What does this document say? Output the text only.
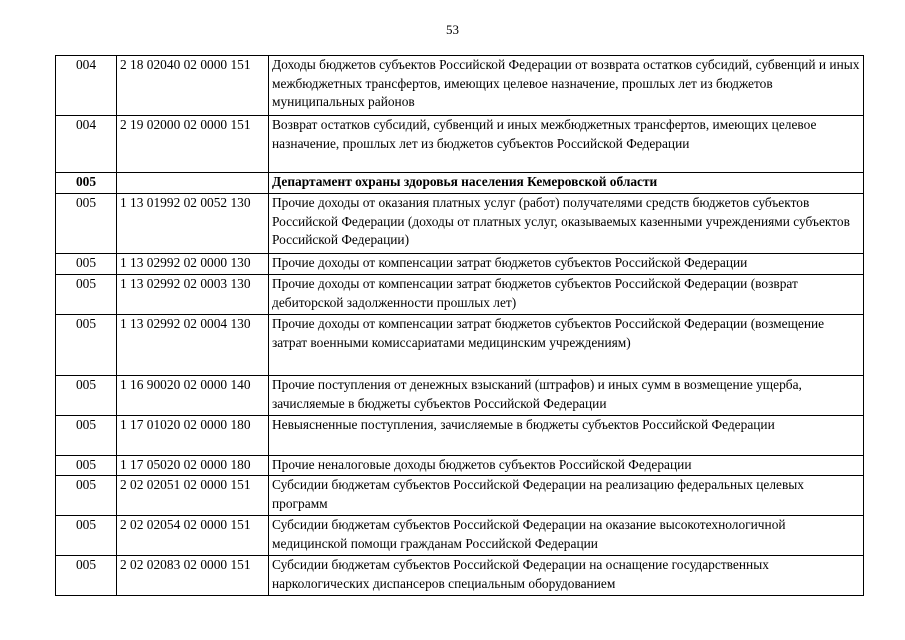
53
004	2 18 02040 02 0000 151	Доходы бюджетов субъектов Российской Федерации от возврата остатков субсидий, субвенций и иных межбюджетных трансфертов, имеющих целевое назначение, прошлых лет из бюджетов муниципальных районов
004	2 19 02000 02 0000 151	Возврат остатков субсидий, субвенций и иных межбюджетных трансфертов, имеющих целевое назначение, прошлых лет из бюджетов субъектов Российской Федерации
005		Департамент охраны здоровья населения Кемеровской области
005	1 13 01992 02 0052 130	Прочие доходы от оказания платных услуг (работ) получателями средств бюджетов субъектов Российской Федерации (доходы от платных услуг, оказываемых казенными учреждениями субъектов Российской Федерации)
005	1 13 02992 02 0000 130	Прочие доходы от компенсации затрат бюджетов субъектов Российской Федерации
005	1 13 02992 02 0003 130	Прочие доходы от компенсации затрат бюджетов субъектов Российской Федерации (возврат дебиторской задолженности прошлых лет)
005	1 13 02992 02 0004 130	Прочие доходы от компенсации затрат бюджетов субъектов Российской Федерации (возмещение затрат военными комиссариатами медицинским учреждениям)
005	1 16 90020 02 0000 140	Прочие поступления от денежных взысканий (штрафов) и иных сумм в возмещение ущерба, зачисляемые в бюджеты субъектов Российской Федерации
005	1 17 01020 02 0000 180	Невыясненные поступления, зачисляемые в бюджеты субъектов Российской Федерации
005	1 17 05020 02 0000 180	Прочие неналоговые доходы бюджетов субъектов Российской Федерации
005	2 02 02051 02 0000 151	Субсидии бюджетам субъектов Российской Федерации на реализацию федеральных целевых программ
005	2 02 02054 02 0000 151	Субсидии бюджетам субъектов Российской Федерации на оказание высокотехнологичной медицинской помощи гражданам Российской Федерации
005	2 02 02083 02 0000 151	Субсидии бюджетам субъектов Российской Федерации на оснащение государственных наркологических диспансеров специальным оборудованием
